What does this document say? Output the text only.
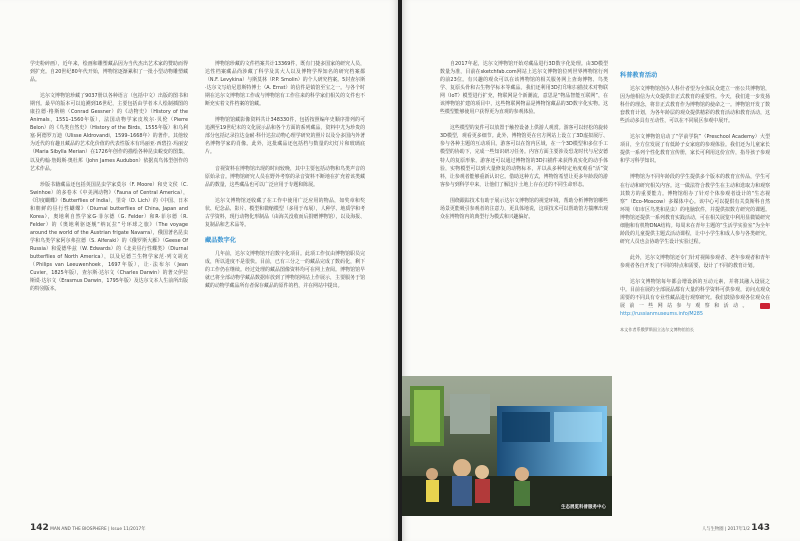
学史粉碎画），近年来，绘画和雕塑藏品因为当代杰出艺术家的赞助而得到扩充。自20世纪80年代开始，博物馆逐渐累积了一批小型动物雕塑藏品。

达尔文博物馆珍藏了9037册以各种语言（包括中文）出版的图书和期刊。最早的版本可以追溯到16世纪，主要包括由学者本人绘制插图的康拉德·格斯纳（Conrad Gessner）的《动物史》（History of the Animals，1551–1560年版），法国动物学家皮埃尔·贝伦（Pierre Belon）的《鸟类自然史》（History of the Birds，1555年版）和乌利塞·阿德罗万迪（Ulisse Aldrovandi，1599–1668年）的著作。其他较为近代的有趣且藏品的艺术化价值的代表性版本有玛丽亚·西碧拉·玛丽安（Maria Sibylla Merian）在1726年创作的描绘各种昆虫蜕变的图集，以及约翰·詹姆斯·奥杜邦（John James Audubon）依据真鸟体型创作的艺术作品。

珍版书籍藏品还包括英国昆虫学家莫尔（F. Moore）和史文侯（C. Swinhoe）的多卷本《中美洲动物》（Fauna of Central America），《印度蝴蝶》（Butterflies of India），里奇（D. Lich）的《中国、日本和朝鲜的昼行性蝴蝶》（Diurnal butterflies of China, Japan and Korea），奥地利自然学家G·菲尔德（G. Felder）和R·菲尔德（R. Felder）的《奥地利驱逐舰“纳瓦拉”号环球之旅》（The voyage around the world of the Austrian frigate Navarra），俄国著名昆虫学和鸟类学家阿尔弗拉德（S. Alferaki）的《俄罗斯大雁》（Geese Of Russia）和爱德华兹（W. Edwards）的《北美昼行性蝶类》（Diurnal butterflies of North America），以及尼德兰生物学家范·列文胡克（Philips van Leeuwenhoek，1697年版），让·法布尔（Jean Cuvier，1825年版），查尔斯·达尔文（Charles Darwin）的著父伊拉斯谟·达尔文（Erasmus Darwin，1795年版）及达尔文本人生前所出版的特别版本。

博物馆珍藏的文件档案共计13369件，既有门捷多国家的研究人员，达性档案藏品尚涉藏了科学及其大人以及博物学界知名的研究档案都（N.F. Levykina）与斯莫林（P.P. Smolin）的个人研究档案。5封查尔斯·达尔文写给尼恩斯特博士（A. Ernst）的信件是镇馆至宝之一。与各个时期在达尔文博物馆工作或与博物馆有工作往来的科学家们相关的文件也不断充实着文件档案的馆藏。

博物馆馆藏影像资料共计348330件，包括按照编年史顺序排列的可追溯至19世纪末的文化展示品和各个方面的系列藏品，资料中尤为珍贵的部分包括记录拉达金耐·科什达拉动物心理学研究的照片以及分多国内外著名博物学家的肖像。此外，这批藏品还包括档与数量的幻灯片和玻璃底片。

音视资料在博物馆出现的时间较晚，其中主要包括动物和鸟类声音的原始录音。博物馆研究人员在野外考察的录音资料不断地在扩充着该类藏品的数量，这些藏品也可以广泛应用于专题和陈展。

达尔文博物馆还收藏了在工作中使用广泛应用的物品，如奖章和奖状、纪念品、影片、模型和微缩模型（多用于布展），人种学、地质学和考古学资料，现行动物化形制品（由海关没收而后捐赠博物馆），以及海报、复制品和艺术品等。

藏品数字化

几年前，达尔文博物馆开启数字化项目。此项工作仅由博物馆职员完成，所以进度不是很快。目前，已有三分之一的藏品完成了数码化，剩下的工作仍在继续。经过处理的藏品图像资料均可在网上查阅。博物馆馆早就已将全部动物学藏品数据库放到了博物馆网站上作展示，主要服务于馆藏的动物学藏品所有者保存藏品的原件的档，并在网站中提出。

142 MAN AND THE BIOSPHERE | Issue 11/2017年

自2017年起，达尔文博物馆开始对藏品进行3D数字化处理。由3D模型数量为准，目前在sketchfab.com网站上达尔文博物馆位列世界博物馆行列的前23位。有兴趣的观众可以在该博物馆的相关服务网上查询博物、鸟类学、复原头骨和古生物学标本等藏品。我们还利用3D打印和扫描技术对物联网（IoT）模型进行扩充，物联网是个新潮流，意思是“物品智能互联网”，在该博物馆扩建的项目中，这些物联网物品是博物馆藏品的3D数字化实物。这些模型能够使用户获得更为直观的参观体验。

这些模型的复件可以放置于触控设备上供游人观赏。游客可以轻松的旋转3D模型，观看更多细节。此外，博物馆更在官方网站上设立了3D虚拟展厅、参与各种主题的互动项目。游客可以在馆内区域，在一个3D模型和多位手工模型的协助下，完成一些知识研习任务。内容方面主要涉及恐龙时代与尼安德特人的复原形象，游客还可以通过博物馆的3D扫描件来获得真实化的动手体验，实物模型可以到大量修复的动物标本，并以从多种特定角度观看“活”资料，让参观者能够重新认识它。借助这种方式，博物馆希望让更多年龄段的游客参与到科学中来，让他们了解这片土地上存在过的不同生命形态。

围绕跟踪技术有助于展示达尔文博物馆的视觉环境，帮助分析博物馆哪些场景更能吸引参观者的注意力，更具体地说，这项技术可以帮助馆方揣摩出观众在博物馆内的典型行为模式和兴趣偏好。

科普教育活动

达尔文博物馆创办人科什者望为全体民众建立一座公共博物馆，因为他相信为大众提供非正式教育的重要性。今天，我们进一步发扬科什的理念，将非正式教育作为博物馆的使命之一。博物馆开发了数套教育计划，为各年龄层的观众提供精彩的教育活动和教育活动，这些活动多具有互动性，可以在不同展区参观中展开。

达尔文博物馆启动了“学前学院”（Preschool Academy）大型项目，全方位发展了有低龄子女家庭的参观体验。我们还为儿童家长提供一系列个性化教育宣传册，家长可利用这份宣传，指导孩子参观和学习科学知识。

博物馆为不同年龄段的学生提供多个版本的教育宣传品，学生可在行动和研究相关内容。这一做法符合教学生在主动和选取力和观察其数方的重要能力。博物馆组办了针对个体参观者设计的“生态视察”（Eco-Moscow）多媒体中心。该中心可以提供有关莫斯科自然环境（如市区鸟类和昆虫）的电脑软件，并提供拟数方研究的课题。博物馆还提供一系列教育实践活动，可在相关展览中利用显微镜研究细胞和有机物DNA结构。每周末在青年主题的“生活学实验室”为全年龄段的儿童提供主题式活动课程，让中小学生和成人参与各类研究，研究人员也会协助学生设计实验过程。

此外，达尔文博物馆还专门针对视障参观者、老年参观者和青年参观者各自开发了不同的特点和需要，设计了不同的教育计划。

达尔文博物馆每年都会增设新的互动元素，并将其融入设展之中。目前在展的全部展品都有大量的科学资料可供参观，访问点观众需要的不同具有专业性藏品进行观察研究。我们鼓励参观各位观众在展前一些网站参与观察和活动。  http://russianmuseums.info/M285

本文作者系俄罗斯国立达尔文博物馆馆长
人与生物圈 | 2017年1/2 143
生态展览科普服务中心
